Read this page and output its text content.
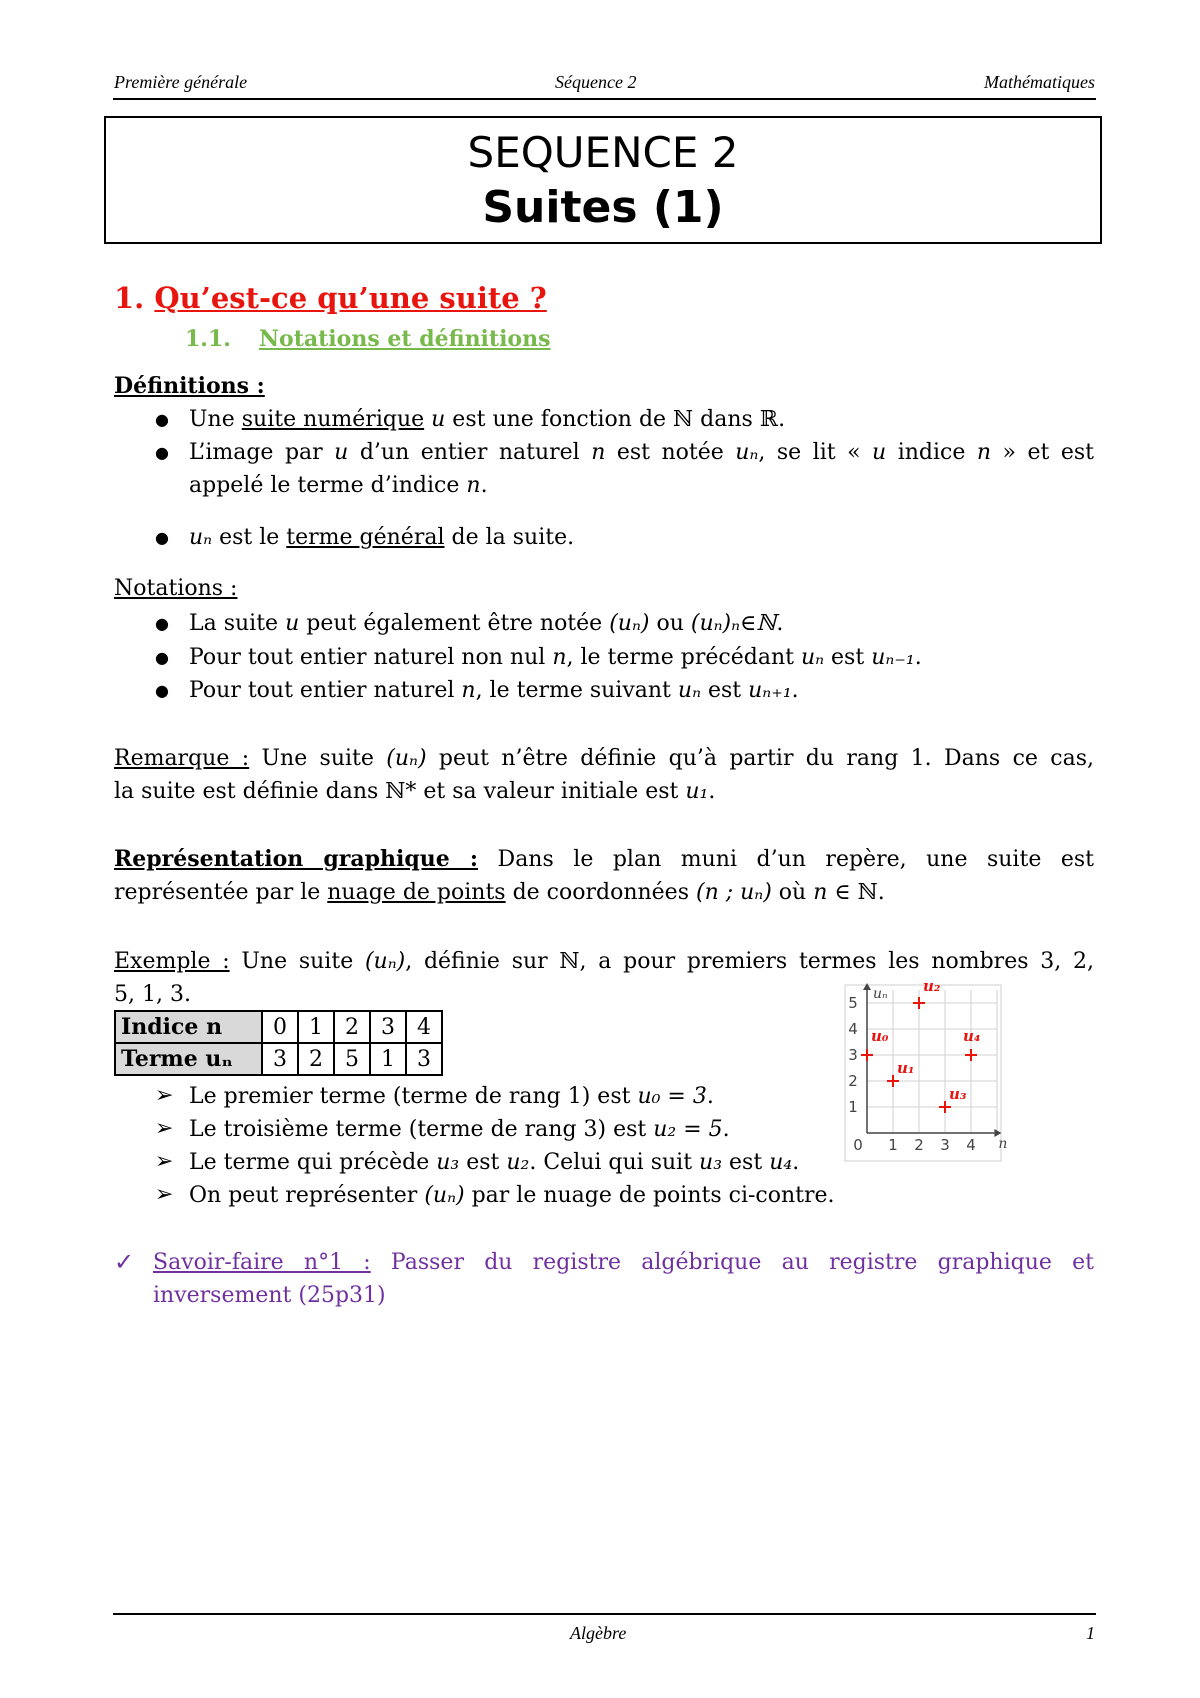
Première générale	Séquence 2	Mathématiques
SEQUENCE 2
Suites (1)
1. Qu’est-ce qu’une suite ?
1.1. Notations et définitions
Définitions :
● Une suite numérique u est une fonction de ℕ dans ℝ.
● L’image par u d’un entier naturel n est notée uₙ, se lit « u indice n » et est
appelé le terme d’indice n.
● uₙ est le terme général de la suite.
Notations :
● La suite u peut également être notée (uₙ) ou (uₙ)ₙ∈ℕ.
● Pour tout entier naturel non nul n, le terme précédant uₙ est uₙ₋₁.
● Pour tout entier naturel n, le terme suivant uₙ est uₙ₊₁.
Remarque : Une suite (uₙ) peut n’être définie qu’à partir du rang 1. Dans ce cas,
la suite est définie dans ℕ* et sa valeur initiale est u₁.
Représentation graphique : Dans le plan muni d’un repère, une suite est
représentée par le nuage de points de coordonnées (n ; uₙ) où n ∈ ℕ.
Exemple : Une suite (uₙ), définie sur ℕ, a pour premiers termes les nombres 3, 2,
5, 1, 3.
Indice n	0	1	2	3	4
Terme uₙ	3	2	5	1	3
➢ Le premier terme (terme de rang 1) est u₀ = 3.
➢ Le troisième terme (terme de rang 3) est u₂ = 5.
➢ Le terme qui précède u₃ est u₂. Celui qui suit u₃ est u₄.
➢ On peut représenter (uₙ) par le nuage de points ci-contre.
1 2 3 4
1
2
3
4
5
0	n
uₙ
u₀
u₁
u₂
u₃
u₄
✓ Savoir-faire n°1 : Passer du registre algébrique au registre graphique et
inversement (25p31)
Algèbre	1
